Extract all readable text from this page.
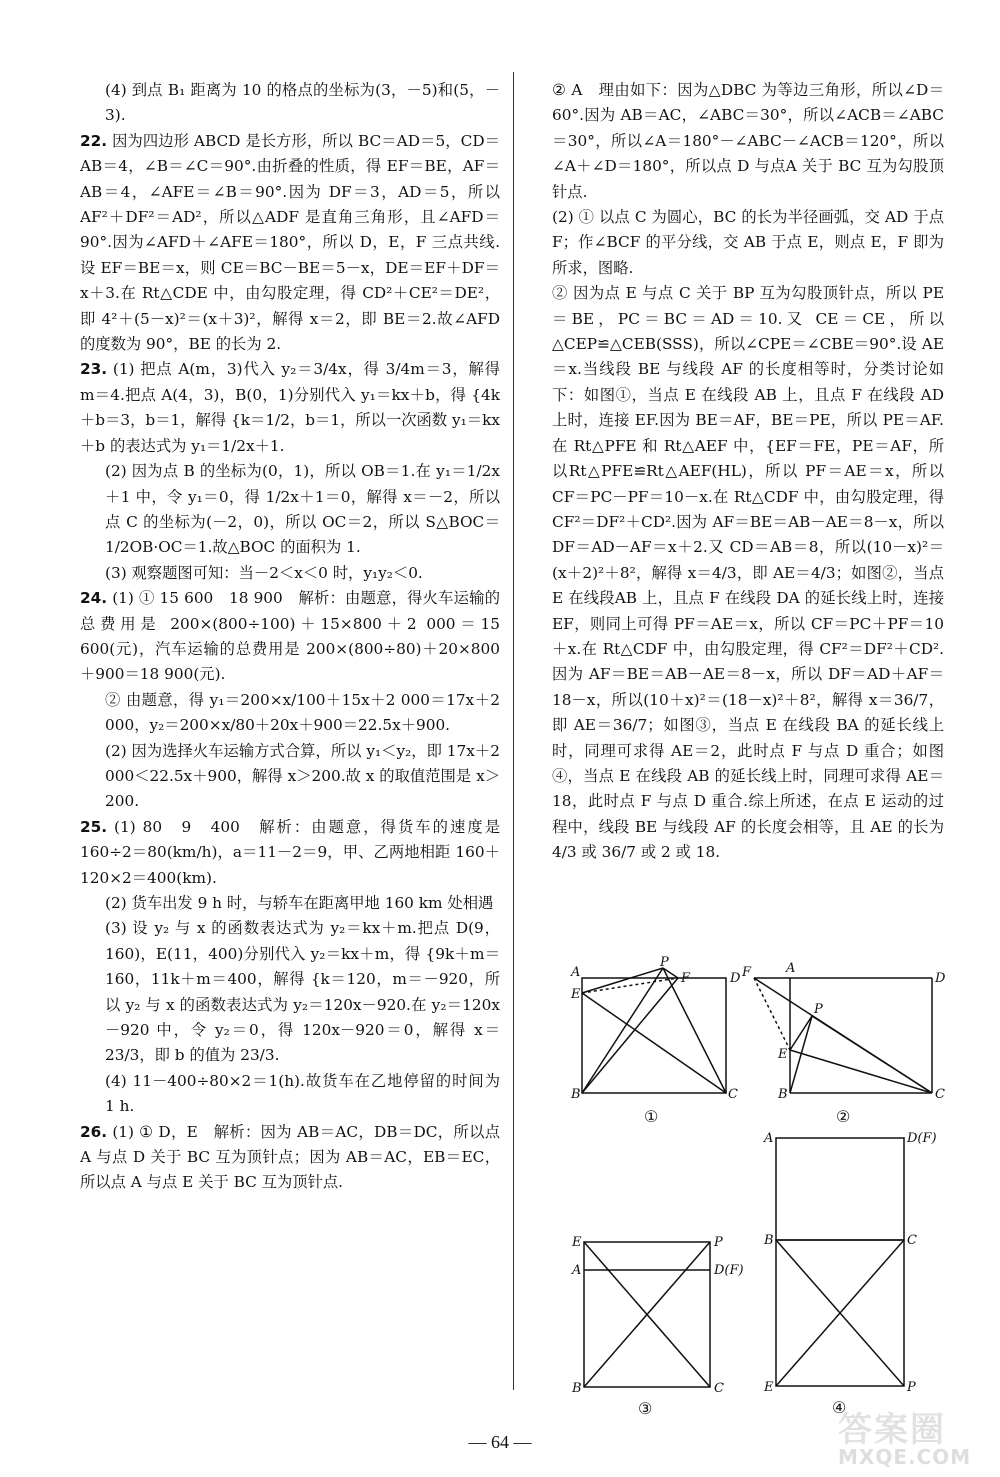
(4) 到点 B₁ 距离为 10 的格点的坐标为(3，－5)和(5，－3).

22. 因为四边形 ABCD 是长方形，所以 BC＝AD＝5，CD＝AB＝4，∠B＝∠C＝90°.由折叠的性质，得 EF＝BE，AF＝AB＝4，∠AFE＝∠B＝90°.因为 DF＝3，AD＝5，所以 AF²＋DF²＝AD²，所以△ADF 是直角三角形，且∠AFD＝90°.因为∠AFD＋∠AFE＝180°，所以 D，E，F 三点共线.设 EF＝BE＝x，则 CE＝BC－BE＝5－x，DE＝EF＋DF＝x＋3.在 Rt△CDE 中，由勾股定理，得 CD²＋CE²＝DE²，即 4²＋(5－x)²＝(x＋3)²，解得 x＝2，即 BE＝2.故∠AFD 的度数为 90°，BE 的长为 2.

23. (1) 把点 A(m，3)代入 y₂＝3/4x，得 3/4m＝3，解得 m＝4.把点 A(4，3)，B(0，1)分别代入 y₁＝kx＋b，得 {4k＋b＝3，b＝1，解得 {k＝1/2，b＝1，所以一次函数 y₁＝kx＋b 的表达式为 y₁＝1/2x＋1.

(2) 因为点 B 的坐标为(0，1)，所以 OB＝1.在 y₁＝1/2x＋1 中，令 y₁＝0，得 1/2x＋1＝0，解得 x＝－2，所以点 C 的坐标为(－2，0)，所以 OC＝2，所以 S△BOC＝1/2OB·OC＝1.故△BOC 的面积为 1.

(3) 观察题图可知：当－2＜x＜0 时，y₁y₂＜0.

24. (1) ① 15 600　18 900　解析：由题意，得火车运输的总费用是 200×(800÷100)＋15×800＋2 000＝15 600(元)，汽车运输的总费用是 200×(800÷80)＋20×800＋900＝18 900(元).

② 由题意，得 y₁＝200×x/100＋15x＋2 000＝17x＋2 000，y₂＝200×x/80＋20x＋900＝22.5x＋900.

(2) 因为选择火车运输方式合算，所以 y₁＜y₂，即 17x＋2 000＜22.5x＋900，解得 x＞200.故 x 的取值范围是 x＞200.

25. (1) 80　9　400　解析：由题意，得货车的速度是 160÷2＝80(km/h)，a＝11－2＝9，甲、乙两地相距 160＋120×2＝400(km).

(2) 货车出发 9 h 时，与轿车在距离甲地 160 km 处相遇

(3) 设 y₂ 与 x 的函数表达式为 y₂＝kx＋m.把点 D(9，160)，E(11，400)分别代入 y₂＝kx＋m，得 {9k＋m＝160，11k＋m＝400，解得 {k＝120，m＝－920，所以 y₂ 与 x 的函数表达式为 y₂＝120x－920.在 y₂＝120x－920 中，令 y₂＝0，得 120x－920＝0，解得 x＝23/3，即 b 的值为 23/3.

(4) 11－400÷80×2＝1(h).故货车在乙地停留的时间为 1 h.

26. (1) ① D，E　解析：因为 AB＝AC，DB＝DC，所以点 A 与点 D 关于 BC 互为顶针点；因为 AB＝AC，EB＝EC，所以点 A 与点 E 关于 BC 互为顶针点.

② A　理由如下：因为△DBC 为等边三角形，所以∠D＝60°.因为 AB＝AC，∠ABC＝30°，所以∠ACB＝∠ABC＝30°，所以∠A＝180°－∠ABC－∠ACB＝120°，所以∠A＋∠D＝180°，所以点 D 与点A 关于 BC 互为勾股顶针点.

(2) ① 以点 C 为圆心，BC 的长为半径画弧，交 AD 于点 F；作∠BCF 的平分线，交 AB 于点 E，则点 E，F 即为所求，图略.

② 因为点 E 与点 C 关于 BP 互为勾股顶针点，所以 PE＝BE，PC＝BC＝AD＝10.又 CE＝CE，所以△CEP≌△CEB(SSS)，所以∠CPE＝∠CBE＝90°.设 AE＝x.当线段 BE 与线段 AF 的长度相等时，分类讨论如下：如图①，当点 E 在线段 AB 上，且点 F 在线段 AD 上时，连接 EF.因为 BE＝AF，BE＝PE，所以 PE＝AF.在 Rt△PFE 和 Rt△AEF 中，{EF＝FE，PE＝AF，所以Rt△PFE≌Rt△AEF(HL)，所以 PF＝AE＝x，所以 CF＝PC－PF＝10－x.在 Rt△CDF 中，由勾股定理，得 CF²＝DF²＋CD².因为 AF＝BE＝AB－AE＝8－x，所以 DF＝AD－AF＝x＋2.又 CD＝AB＝8，所以(10－x)²＝(x＋2)²＋8²，解得 x＝4/3，即 AE＝4/3；如图②，当点 E 在线段AB 上，且点 F 在线段 DA 的延长线上时，连接 EF，则同上可得 PF＝AE＝x，所以 CF＝PC＋PF＝10＋x.在 Rt△CDF 中，由勾股定理，得 CF²＝DF²＋CD².因为 AF＝BE＝AB－AE＝8－x，所以 DF＝AD＋AF＝18－x，所以(10＋x)²＝(18－x)²＋8²，解得 x＝36/7，即 AE＝36/7；如图③，当点 E 在线段 BA 的延长线上时，同理可求得 AE＝2，此时点 F 与点 D 重合；如图④，当点 E 在线段 AB 的延长线上时，同理可求得 AE＝18，此时点 F 与点 D 重合.综上所述，在点 E 运动的过程中，线段 BE 与线段 AF 的长度会相等，且 AE 的长为 4/3 或 36/7 或 2 或 18.

A
P
F	D
E
B	C
①
F	A
D
P
E
B	C
②
E	P
A	D(F)
B	C
③
A	D(F)
B	C
E	P
④
— 64 —	答案圈
MXQE.COM
